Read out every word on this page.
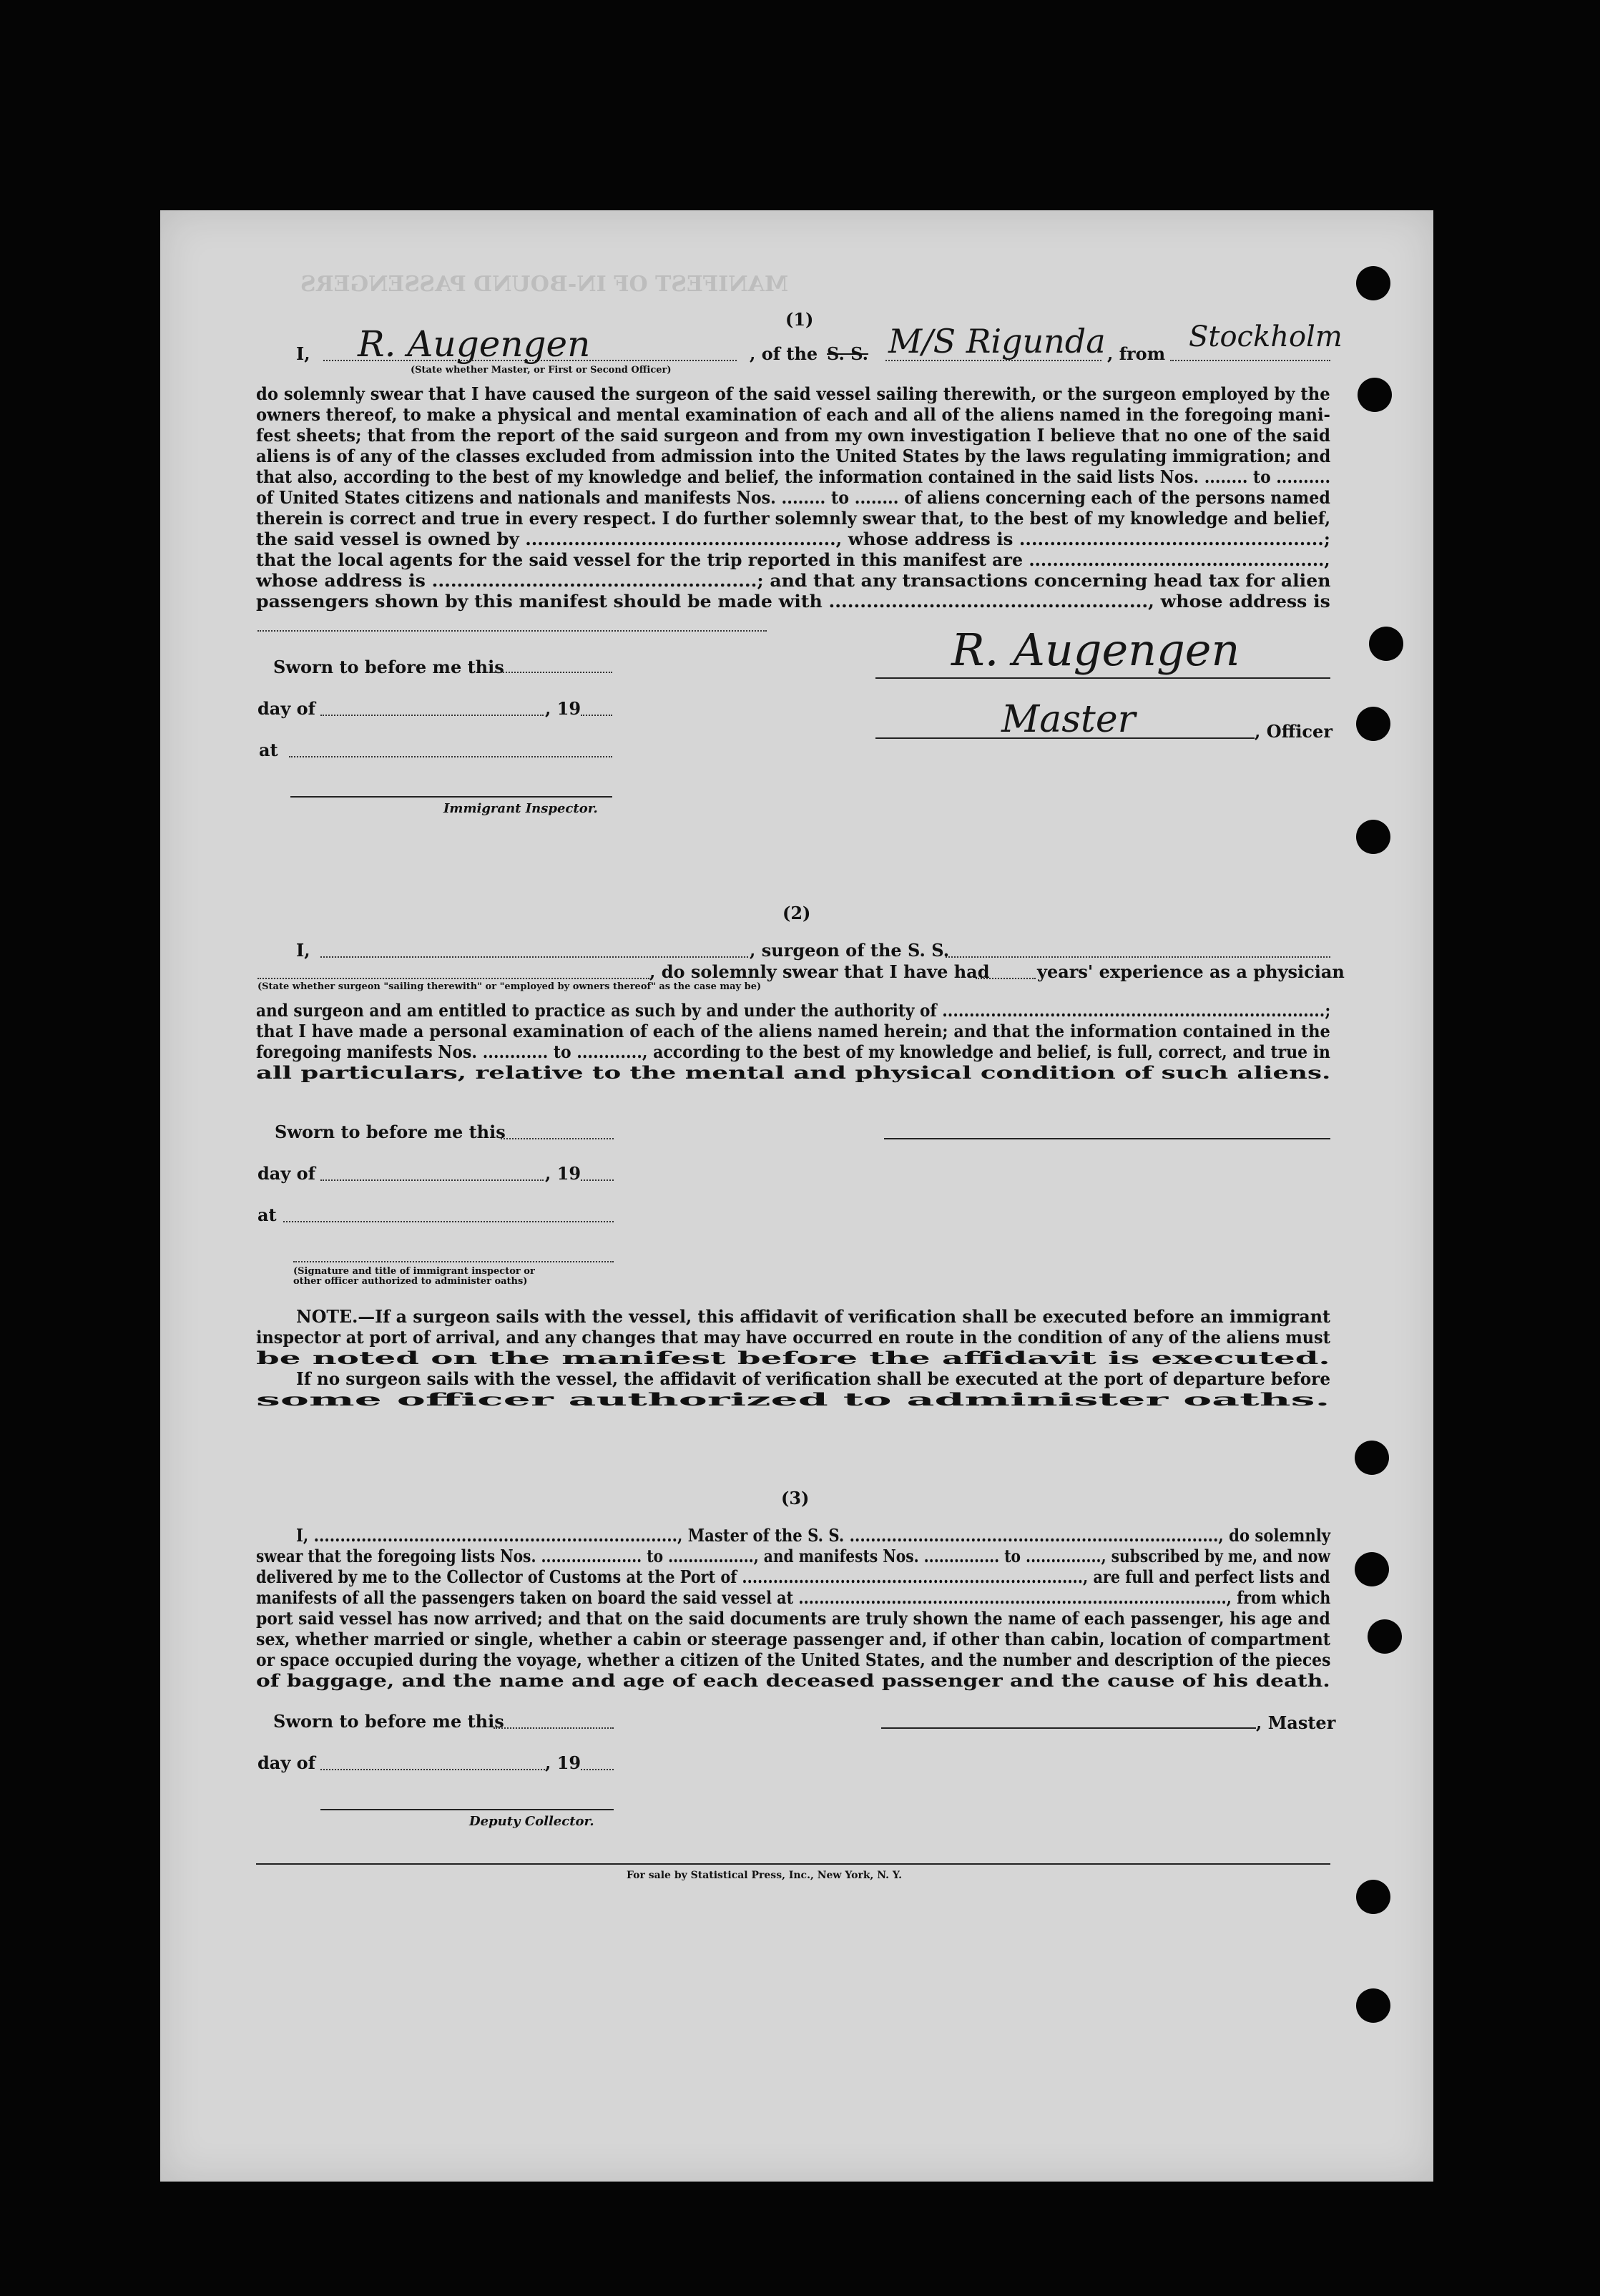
MANIFEST OF IN-BOUND PASSENGERS
(1)
I, R. Augengen
(State whether Master, or First or Second Officer)
, of the S. S. M/S Rigunda , from
Stockholm
do solemnly swear that I have caused the surgeon of the said vessel sailing therewith, or the surgeon employed by the
owners thereof, to make a physical and mental examination of each and all of the aliens named in the foregoing mani-
fest sheets; that from the report of the said surgeon and from my own investigation I believe that no one of the said
aliens is of any of the classes excluded from admission into the United States by the laws regulating immigration; and
that also, according to the best of my knowledge and belief, the information contained in the said lists Nos. ........ to ..........
of United States citizens and nationals and manifests Nos. ........ to ........ of aliens concerning each of the persons named
therein is correct and true in every respect. I do further solemnly swear that, to the best of my knowledge and belief,
the said vessel is owned by ..................................................., whose address is ..................................................;
that the local agents for the said vessel for the trip reported in this manifest are ..................................................,
whose address is ....................................................; and that any transactions concerning head tax for alien
passengers shown by this manifest should be made with ..................................................., whose address is
Sworn to before me this
day of	, 19
at
Immigrant Inspector.
R. Augengen
Master	, Officer
(2)
I,	, surgeon of the S. S.
, do solemnly swear that I have had	years' experience as a physician
(State whether surgeon "sailing therewith" or "employed by owners thereof" as the case may be)
and surgeon and am entitled to practice as such by and under the authority of .......................................................................;
that I have made a personal examination of each of the aliens named herein; and that the information contained in the
foregoing manifests Nos. ............ to ............, according to the best of my knowledge and belief, is full, correct, and true in
all particulars, relative to the mental and physical condition of such aliens.
Sworn to before me this
day of	, 19
at
(Signature and title of immigrant inspector or
other officer authorized to administer oaths)
NOTE.—If a surgeon sails with the vessel, this affidavit of verification shall be executed before an immigrant
inspector at port of arrival, and any changes that may have occurred en route in the condition of any of the aliens must
be noted on the manifest before the affidavit is executed.
If no surgeon sails with the vessel, the affidavit of verification shall be executed at the port of departure before
some officer authorized to administer oaths.
(3)
I, ....................................................................., Master of the S. S. ......................................................................, do solemnly
swear that the foregoing lists Nos. .................... to ................., and manifests Nos. ............... to ..............., subscribed by me, and now
delivered by me to the Collector of Customs at the Port of .................................................................., are full and perfect lists and
manifests of all the passengers taken on board the said vessel at ..................................................................................., from which
port said vessel has now arrived; and that on the said documents are truly shown the name of each passenger, his age and
sex, whether married or single, whether a cabin or steerage passenger and, if other than cabin, location of compartment
or space occupied during the voyage, whether a citizen of the United States, and the number and description of the pieces
of baggage, and the name and age of each deceased passenger and the cause of his death.
Sworn to before me this	, Master
day of	, 19
Deputy Collector.
For sale by Statistical Press, Inc., New York, N. Y.
